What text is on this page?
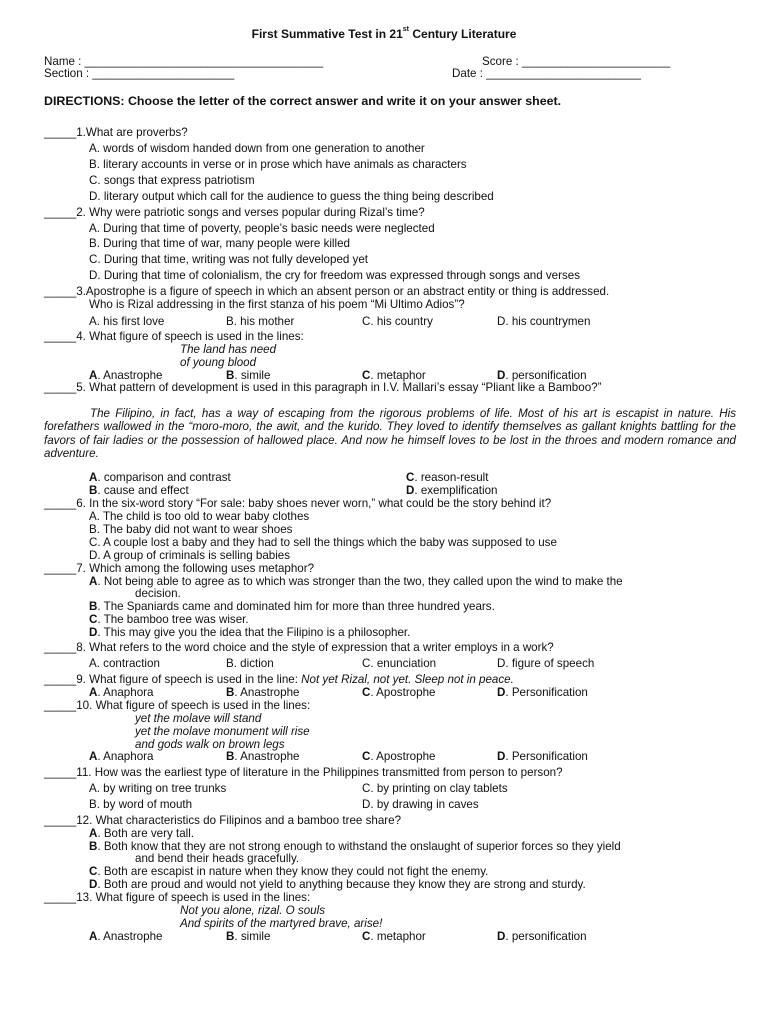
First Summative Test in 21st Century Literature
Name : _____________________________________	Score : _______________________
Section : ______________________	Date : ________________________
DIRECTIONS: Choose the letter of the correct answer and write it on your answer sheet.
_____1.What are proverbs?
A. words of wisdom handed down from one generation to another
B. literary accounts in verse or in prose which have animals as characters
C. songs that express patriotism
D. literary output which call for the audience to guess the thing being described
_____2. Why were patriotic songs and verses popular during Rizal’s time?
A. During that time of poverty, people’s basic needs were neglected
B. During that time of war, many people were killed
C. During that time, writing was not fully developed yet
D. During that time of colonialism, the cry for freedom was expressed through songs and verses
_____3.Apostrophe is a figure of speech in which an absent person or an abstract entity or thing is addressed.
Who is Rizal addressing in the first stanza of his poem “Mi Ultimo Adios”?
A. his first love	B. his mother	C. his country	D. his countrymen
_____4. What figure of speech is used in the lines:
The land has need
of young blood
A. Anastrophe	B. simile	C. metaphor	D. personification
_____5. What pattern of development is used in this paragraph in I.V. Mallari’s essay “Pliant like a Bamboo?”
The Filipino, in fact, has a way of escaping from the rigorous problems of life. Most of his art is escapist in nature. His forefathers wallowed in the “moro-moro, the awit, and the kurido. They loved to identify themselves as gallant knights battling for the favors of fair ladies or the possession of hallowed place. And now he himself loves to be lost in the throes and modern romance and adventure.
A. comparison and contrast	C. reason-result
B. cause and effect	D. exemplification
_____6. In the six-word story “For sale: baby shoes never worn,” what could be the story behind it?
A. The child is too old to wear baby clothes
B. The baby did not want to wear shoes
C. A couple lost a baby and they had to sell the things which the baby was supposed to use
D. A group of criminals is selling babies
_____7. Which among the following uses metaphor?
A. Not being able to agree as to which was stronger than the two, they called upon the wind to make the
decision.
B. The Spaniards came and dominated him for more than three hundred years.
C. The bamboo tree was wiser.
D. This may give you the idea that the Filipino is a philosopher.
_____8. What refers to the word choice and the style of expression that a writer employs in a work?
A. contraction	B. diction	C. enunciation	D. figure of speech
_____9. What figure of speech is used in the line: Not yet Rizal, not yet. Sleep not in peace.
A. Anaphora	B. Anastrophe	C. Apostrophe	D. Personification
_____10. What figure of speech is used in the lines:
yet the molave will stand
yet the molave monument will rise
and gods walk on brown legs
A. Anaphora	B. Anastrophe	C. Apostrophe	D. Personification
_____11. How was the earliest type of literature in the Philippines transmitted from person to person?
A. by writing on tree trunks	C. by printing on clay tablets
B. by word of mouth	D. by drawing in caves
_____12. What characteristics do Filipinos and a bamboo tree share?
A. Both are very tall.
B. Both know that they are not strong enough to withstand the onslaught of superior forces so they yield
and bend their heads gracefully.
C. Both are escapist in nature when they know they could not fight the enemy.
D. Both are proud and would not yield to anything because they know they are strong and sturdy.
_____13. What figure of speech is used in the lines:
Not you alone, rizal. O souls
And spirits of the martyred brave, arise!
A. Anastrophe	B. simile	C. metaphor	D. personification
